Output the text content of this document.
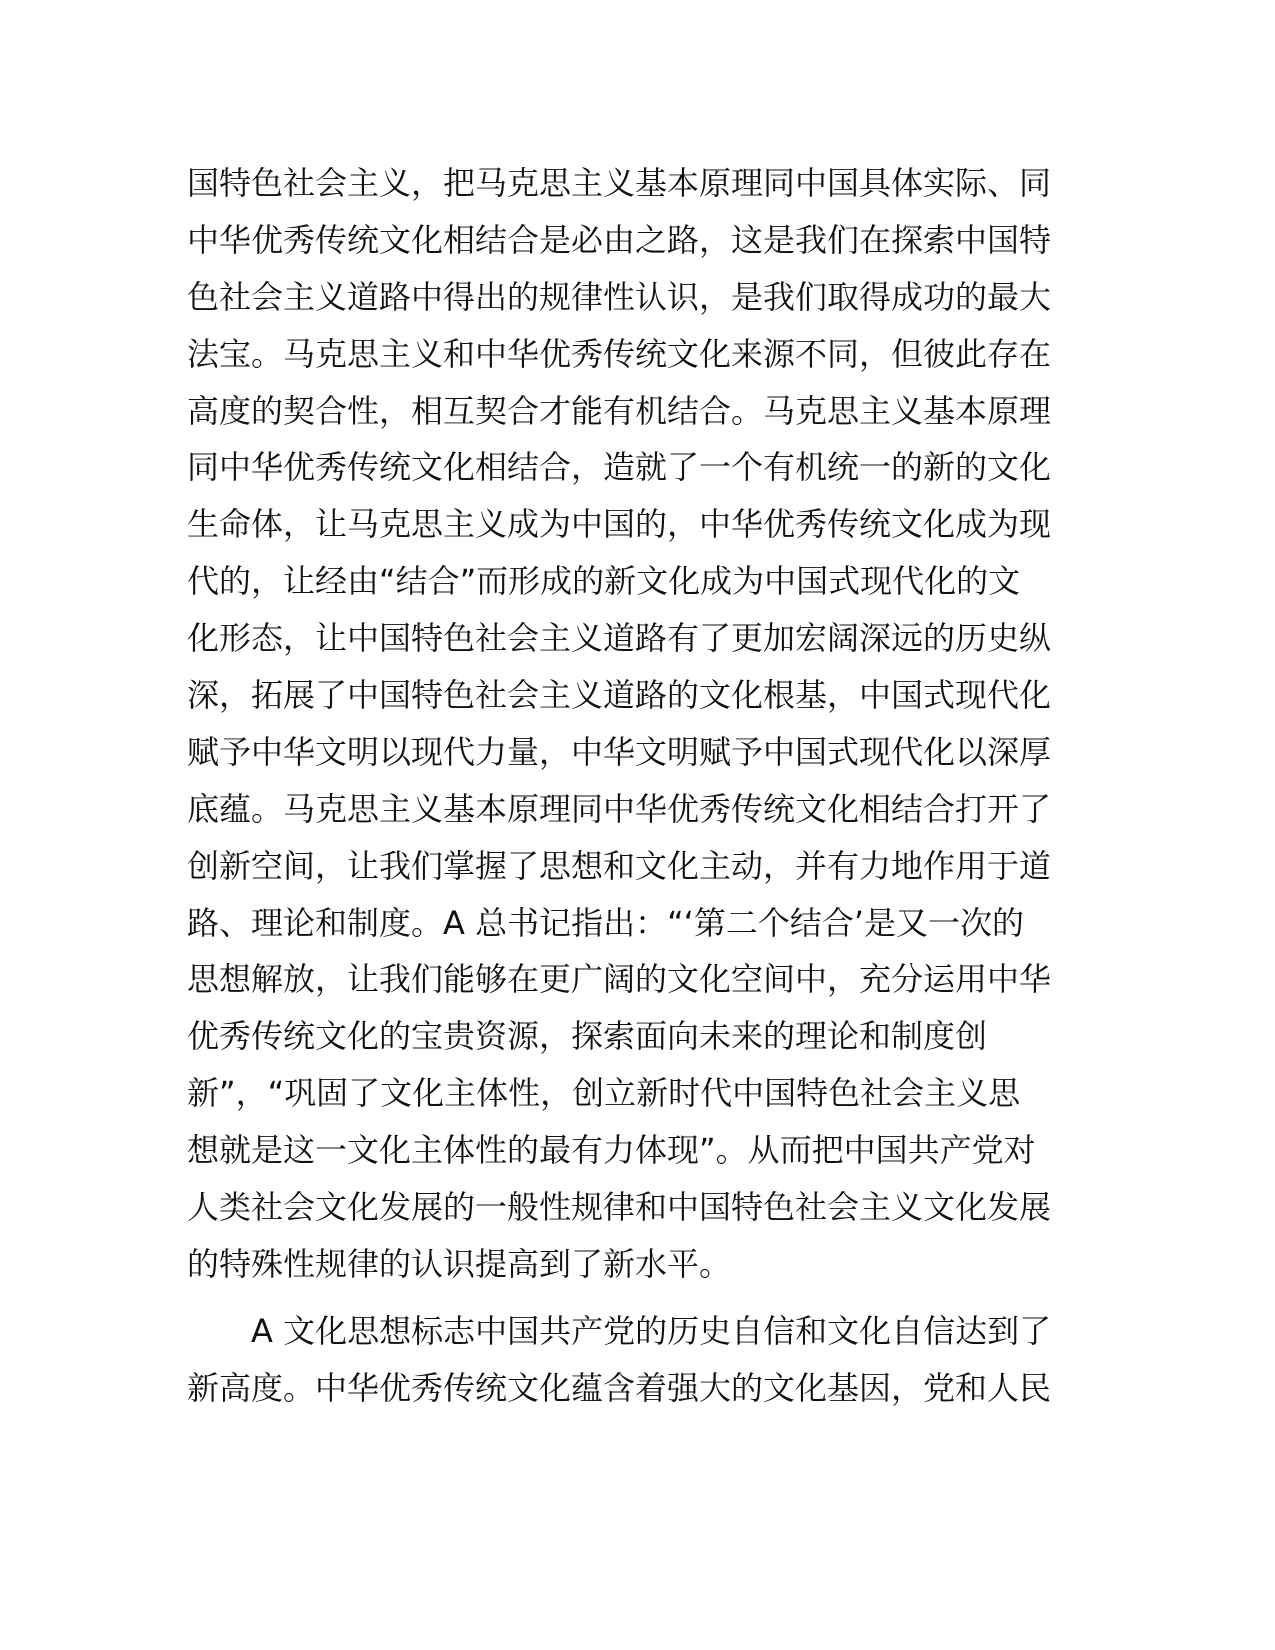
国特色社会主义，把马克思主义基本原理同中国具体实际、同
中华优秀传统文化相结合是必由之路，这是我们在探索中国特
色社会主义道路中得出的规律性认识，是我们取得成功的最大
法宝。马克思主义和中华优秀传统文化来源不同，但彼此存在
高度的契合性，相互契合才能有机结合。马克思主义基本原理
同中华优秀传统文化相结合，造就了一个有机统一的新的文化
生命体，让马克思主义成为中国的，中华优秀传统文化成为现
代的，让经由“结合”而形成的新文化成为中国式现代化的文
化形态，让中国特色社会主义道路有了更加宏阔深远的历史纵
深，拓展了中国特色社会主义道路的文化根基，中国式现代化
赋予中华文明以现代力量，中华文明赋予中国式现代化以深厚
底蕴。马克思主义基本原理同中华优秀传统文化相结合打开了
创新空间，让我们掌握了思想和文化主动，并有力地作用于道
路、理论和制度。A 总书记指出：“‘第二个结合’是又一次的
思想解放，让我们能够在更广阔的文化空间中，充分运用中华
优秀传统文化的宝贵资源，探索面向未来的理论和制度创
新”，“巩固了文化主体性，创立新时代中国特色社会主义思
想就是这一文化主体性的最有力体现”。从而把中国共产党对
人类社会文化发展的一般性规律和中国特色社会主义文化发展
的特殊性规律的认识提高到了新水平。
　　A 文化思想标志中国共产党的历史自信和文化自信达到了
新高度。中华优秀传统文化蕴含着强大的文化基因，党和人民
